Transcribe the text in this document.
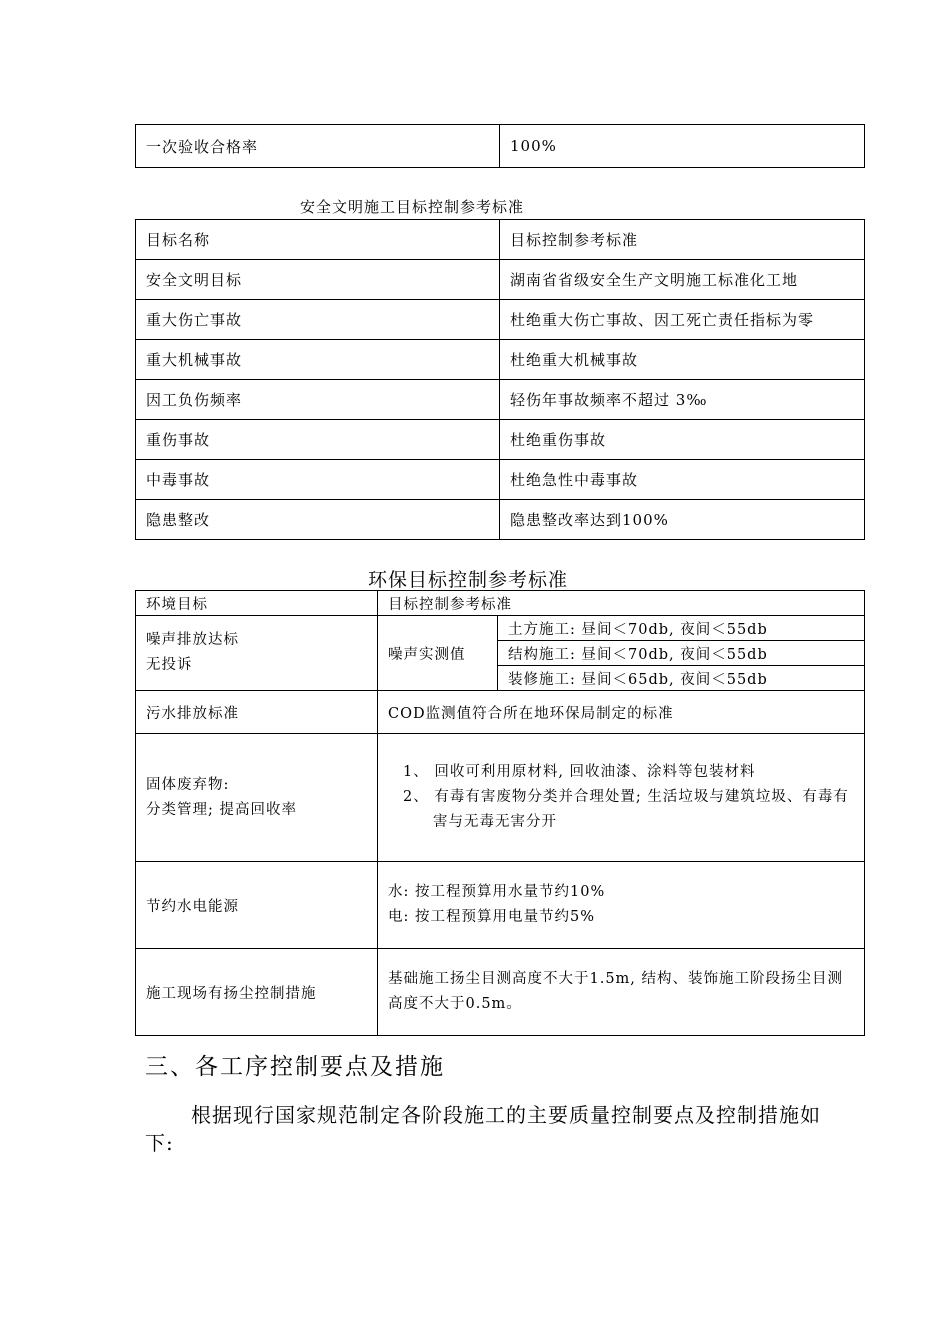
一次验收合格率	100%
安全文明施工目标控制参考标准
目标名称	目标控制参考标准
安全文明目标	湖南省省级安全生产文明施工标准化工地
重大伤亡事故	杜绝重大伤亡事故、因工死亡责任指标为零
重大机械事故	杜绝重大机械事故
因工负伤频率	轻伤年事故频率不超过 3‰
重伤事故	杜绝重伤事故
中毒事故	杜绝急性中毒事故
隐患整改	隐患整改率达到100%
环保目标控制参考标准
环境目标	目标控制参考标准	

噪声排放达标
无投诉	噪声实测值	土方施工: 昼间＜70db, 夜间＜55db
		结构施工: 昼间＜70db, 夜间＜55db
		装修施工: 昼间＜65db, 夜间＜55db
污水排放标准	COD监测值符合所在地环保局制定的标准	

固体废弃物:
分类管理; 提高回收率	1、 回收可利用原材料, 回收油漆、涂料等包装材料
2、 有毒有害废物分类并合理处置; 生活垃圾与建筑垃圾、有毒有害与无毒无害分开	

节约水电能源	水: 按工程预算用水量节约10%
电: 按工程预算用电量节约5%	

施工现场有扬尘控制措施	基础施工扬尘目测高度不大于1.5m, 结构、装饰施工阶段扬尘目测高度不大于0.5m。	
三、各工序控制要点及措施
根据现行国家规范制定各阶段施工的主要质量控制要点及控制措施如下:
